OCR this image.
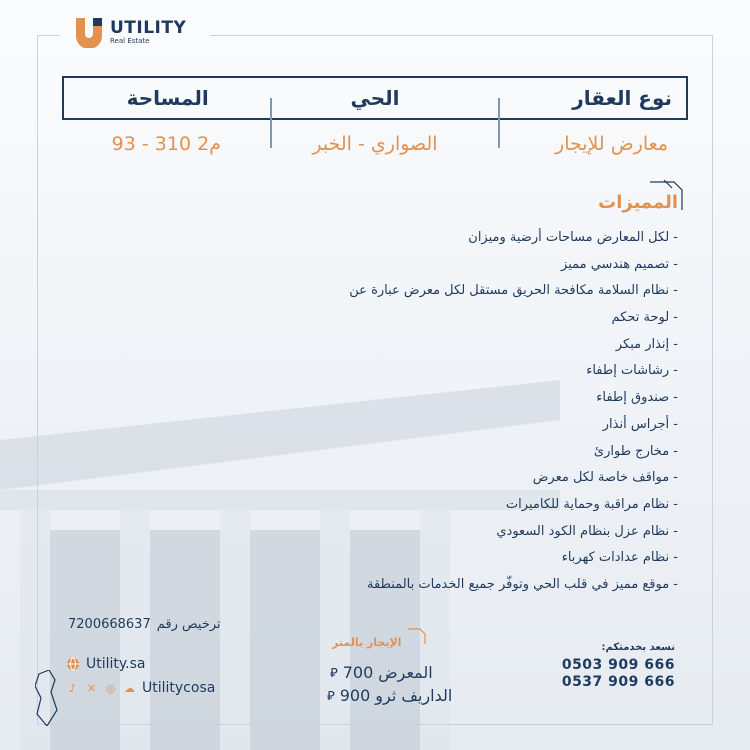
UTILITY
Real Estate
نوع العقار
الحي
المساحة
معارض للإيجار
الصواري - الخبر
93 - 310 م2
المميزات
- لكل المعارض مساحات أرضية وميزان
- تصميم هندسي مميز
- نظام السلامة مكافحة الحريق مستقل لكل معرض عبارة عن
- لوحة تحكم
- إنذار مبكر
- رشاشات إطفاء
- صندوق إطفاء
- أجراس أنذار
- مخارج طوارئ
- مواقف خاصة لكل معرض
- نظام مراقبة وحماية للكاميرات
- نظام عزل بنظام الكود السعودي
- نظام عدادات كهرباء
- موقع مميز في قلب الحي وتوفّر جميع الخدمات بالمنطقة
7200668637 ترخيص رقم
Utility.sa
♪ ✕ ◎ ☁ Utilitycosa
الإيجار بالمتر
المعرض
700
⃁
الداريف ثرو
900
⃁
نسعد بخدمتكم:
0503 909 666
0537 909 666
